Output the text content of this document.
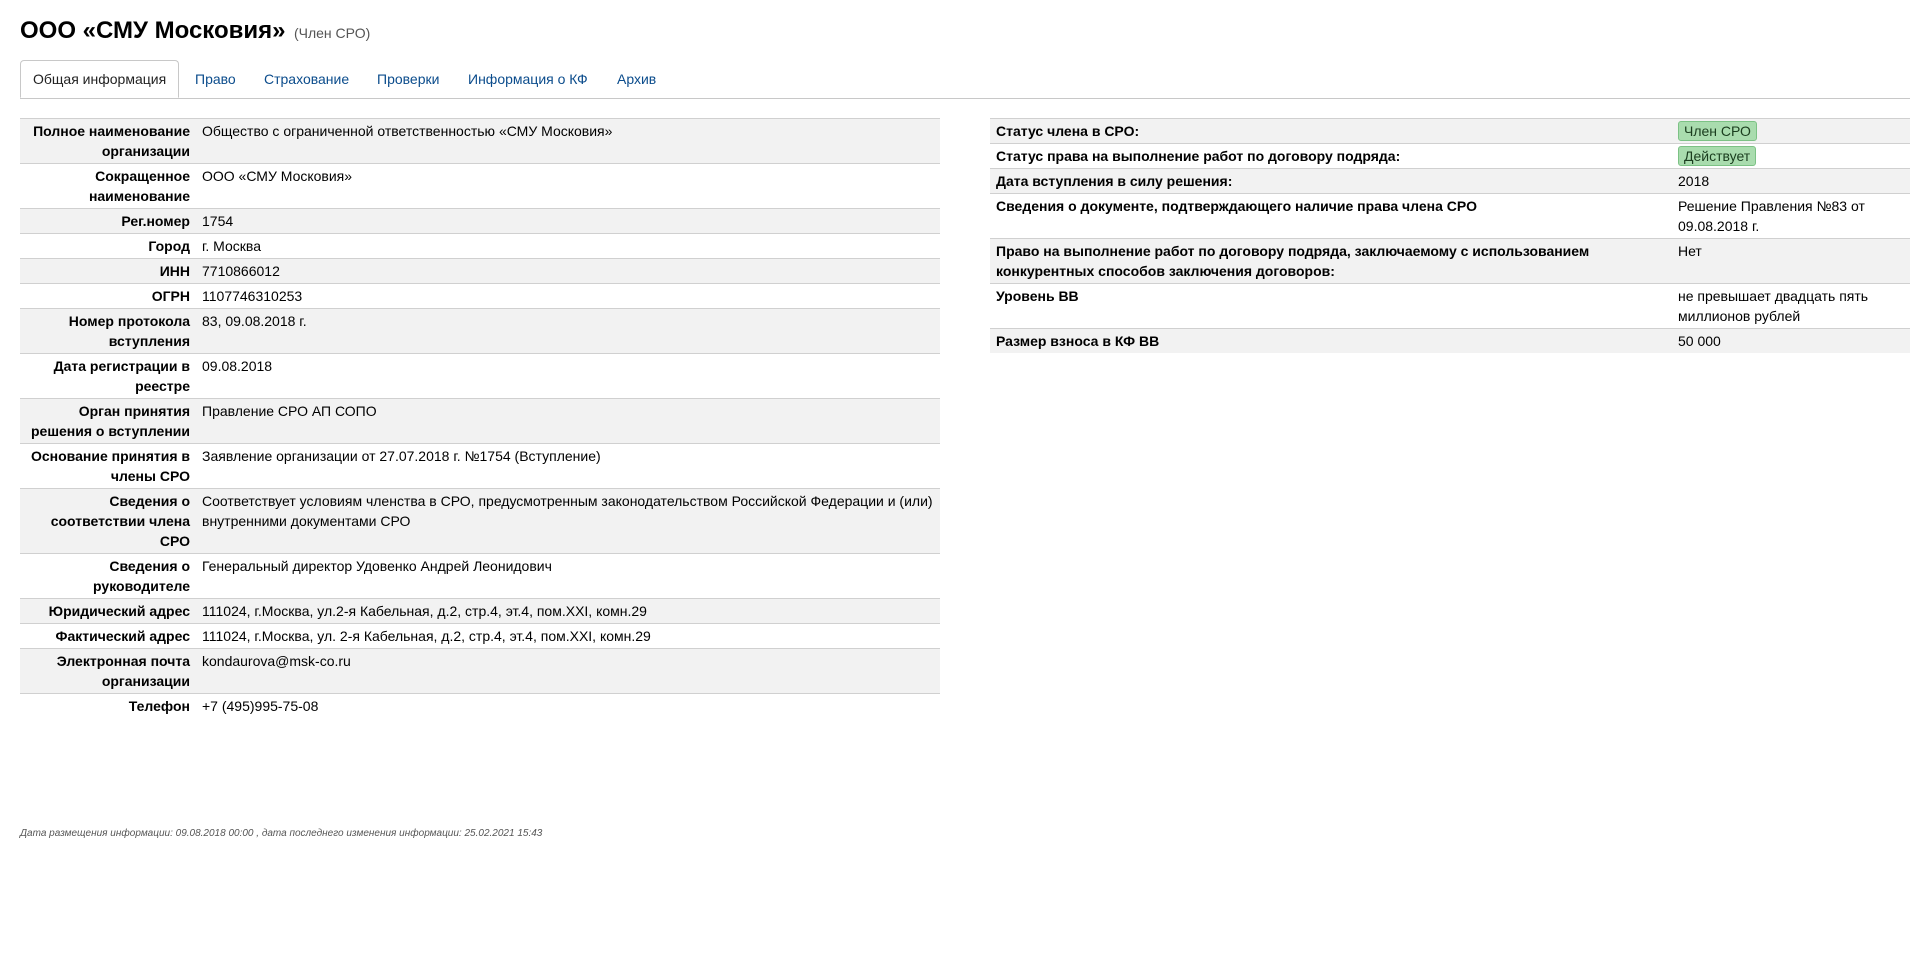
ООО «СМУ Московия» (Член СРО)
Общая информация	Право Страхование Проверки Информация о КФ Архив
Полное наименование организации	Общество с ограниченной ответственностью «СМУ Московия»
Сокращенное наименование	ООО «СМУ Московия»
Рег.номер	1754
Город	г. Москва
ИНН	7710866012
ОГРН	1107746310253
Номер протокола вступления	83, 09.08.2018 г.
Дата регистрации в реестре	09.08.2018
Орган принятия решения о вступлении	Правление СРО АП СОПО
Основание принятия в члены СРО	Заявление организации от 27.07.2018 г. №1754 (Вступление)
Сведения о соответствии члена СРО	Соответствует условиям членства в СРО, предусмотренным законодательством Российской Федерации и (или) внутренними документами СРО
Сведения о руководителе	Генеральный директор Удовенко Андрей Леонидович
Юридический адрес	111024, г.Москва, ул.2-я Кабельная, д.2, стр.4, эт.4, пом.XXI, комн.29
Фактический адрес	111024, г.Москва, ул. 2-я Кабельная, д.2, стр.4, эт.4, пом.XXI, комн.29
Электронная почта организации	kondaurova@msk-co.ru
Телефон	+7 (495)995-75-08
Статус члена в СРО:	Член СРО
Статус права на выполнение работ по договору подряда:	Действует
Дата вступления в силу решения:	2018
Сведения о документе, подтверждающего наличие права члена СРО	Решение Правления №83 от 09.08.2018 г.
Право на выполнение работ по договору подряда, заключаемому с использованием конкурентных способов заключения договоров:	Нет
Уровень ВВ	не превышает двадцать пять миллионов рублей
Размер взноса в КФ ВВ	50 000
Дата размещения информации: 09.08.2018 00:00 , дата последнего изменения информации: 25.02.2021 15:43
